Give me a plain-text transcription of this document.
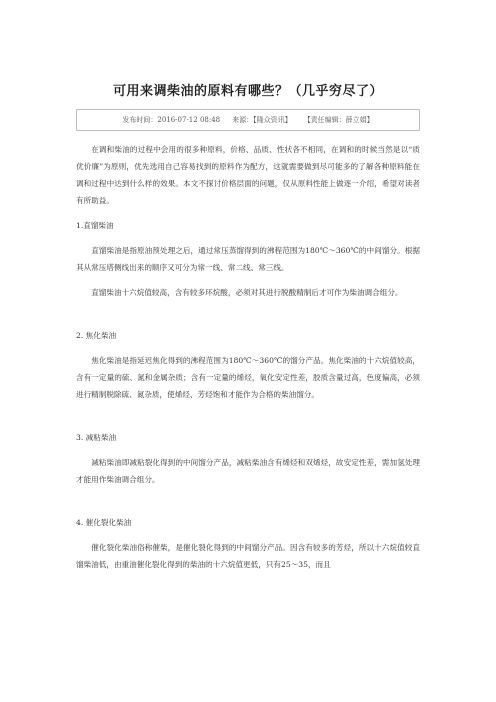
可用来调柴油的原料有哪些？（几乎穷尽了）
发布时间：2016-07-12 08:48 来源：【隆众资讯】 【责任编辑：薛立娟】

在调和柴油的过程中会用的很多种原料，价格、品质、性状各不相同，在调和的时候当然是以“质优价廉”为原则，优先选用自己容易找到的原料作为配方，这就需要做到尽可能多的了解各种原料能在调和过程中达到什么样的效果。本文不探讨价格层面的问题，仅从原料性能上做逐一介绍，希望对读者有所助益。

1.直馏柴油

直馏柴油是指原油预处理之后，通过常压蒸馏得到的沸程范围为180℃～360℃的中间馏分。根据其从常压塔侧线出来的顺序又可分为常一线、常二线、常三线。

直馏柴油十六烷值较高，含有较多环烷酸，必须对其进行脱酸精制后才可作为柴油调合组分。

2. 焦化柴油

焦化柴油是指延迟焦化得到的沸程范围为180℃～360℃的馏分产品。焦化柴油的十六烷值较高，含有一定量的硫、氮和金属杂质；含有一定量的烯烃，氧化安定性差，胶质含量过高，色度偏高，必须进行精制脱除硫、氮杂质，使烯烃、芳烃饱和才能作为合格的柴油馏分。

3. 减粘柴油

减粘柴油即减粘裂化得到的中间馏分产品，减粘柴油含有烯烃和双烯烃，故安定性差，需加氢处理才能用作柴油调合组分。

4. 催化裂化柴油

催化裂化柴油俗称催柴，是催化裂化得到的中间馏分产品。因含有较多的芳烃，所以十六烷值较直馏柴油低，由重油催化裂化得到的柴油的十六烷值更低，只有25～35，而且
